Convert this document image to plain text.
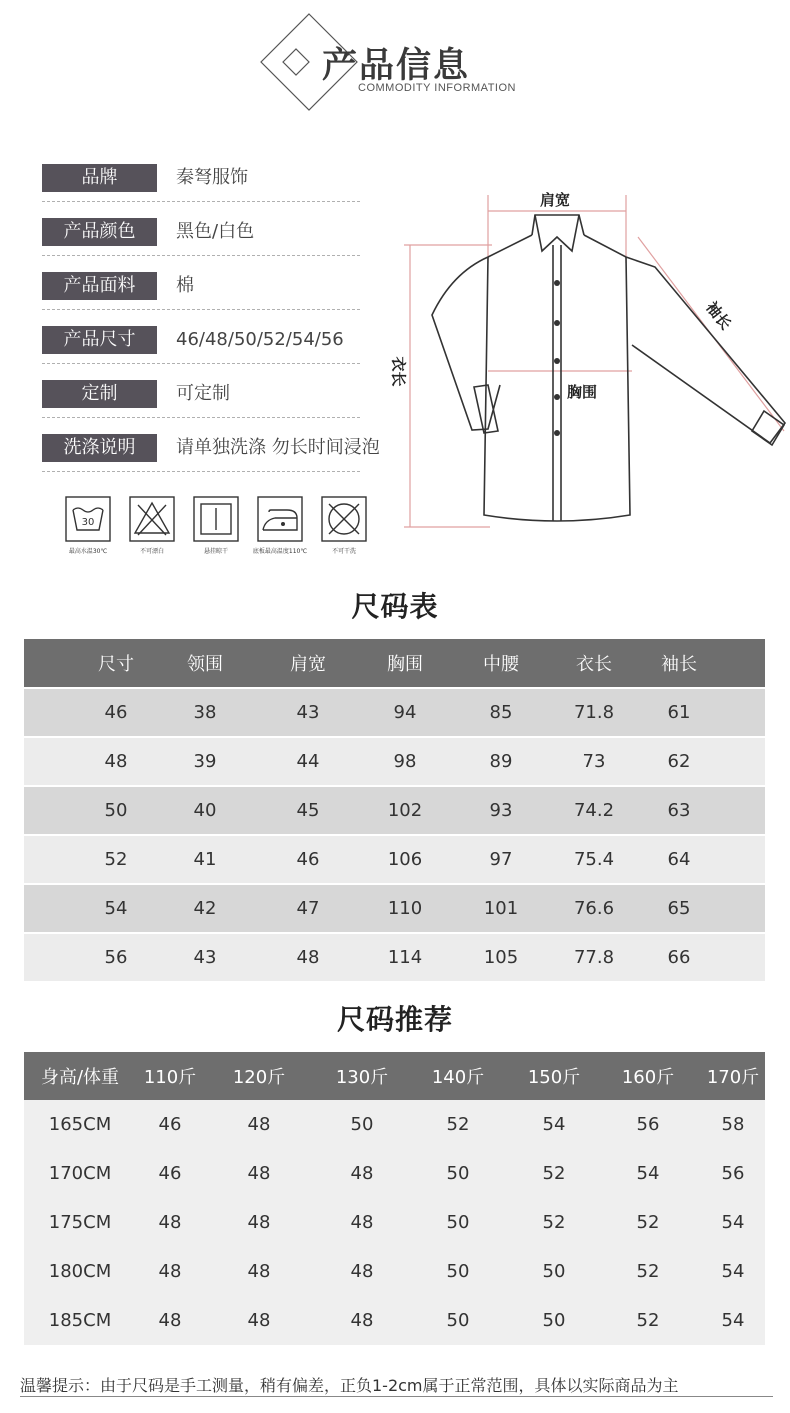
产品信息
COMMODITY INFORMATION
品牌	秦弩服饰
产品颜色	黑色/白色
产品面料	棉
产品尺寸	46/48/50/52/54/56
定制	可定制
洗涤说明	请单独洗涤 勿长时间浸泡
30
最高水温30℃	不可漂白	悬挂晾干	底板最高温度110℃	不可干洗
肩宽
袖长
衣长
胸围
尺码表
尺寸	领围	肩宽	胸围	中腰	衣长	袖长
46	38	43	94	85	71.8	61
48	39	44	98	89	73	62
50	40	45	102	93	74.2	63
52	41	46	106	97	75.4	64
54	42	47	110	101	76.6	65
56	43	48	114	105	77.8	66
尺码推荐
身高/体重	110斤	120斤	130斤	140斤	150斤	160斤	170斤
165CM	46	48	50	52	54	56	58
170CM	46	48	48	50	52	54	56
175CM	48	48	48	50	52	52	54
180CM	48	48	48	50	50	52	54
185CM	48	48	48	50	50	52	54
温馨提示：由于尺码是手工测量，稍有偏差，正负1-2cm属于正常范围，具体以实际商品为主
